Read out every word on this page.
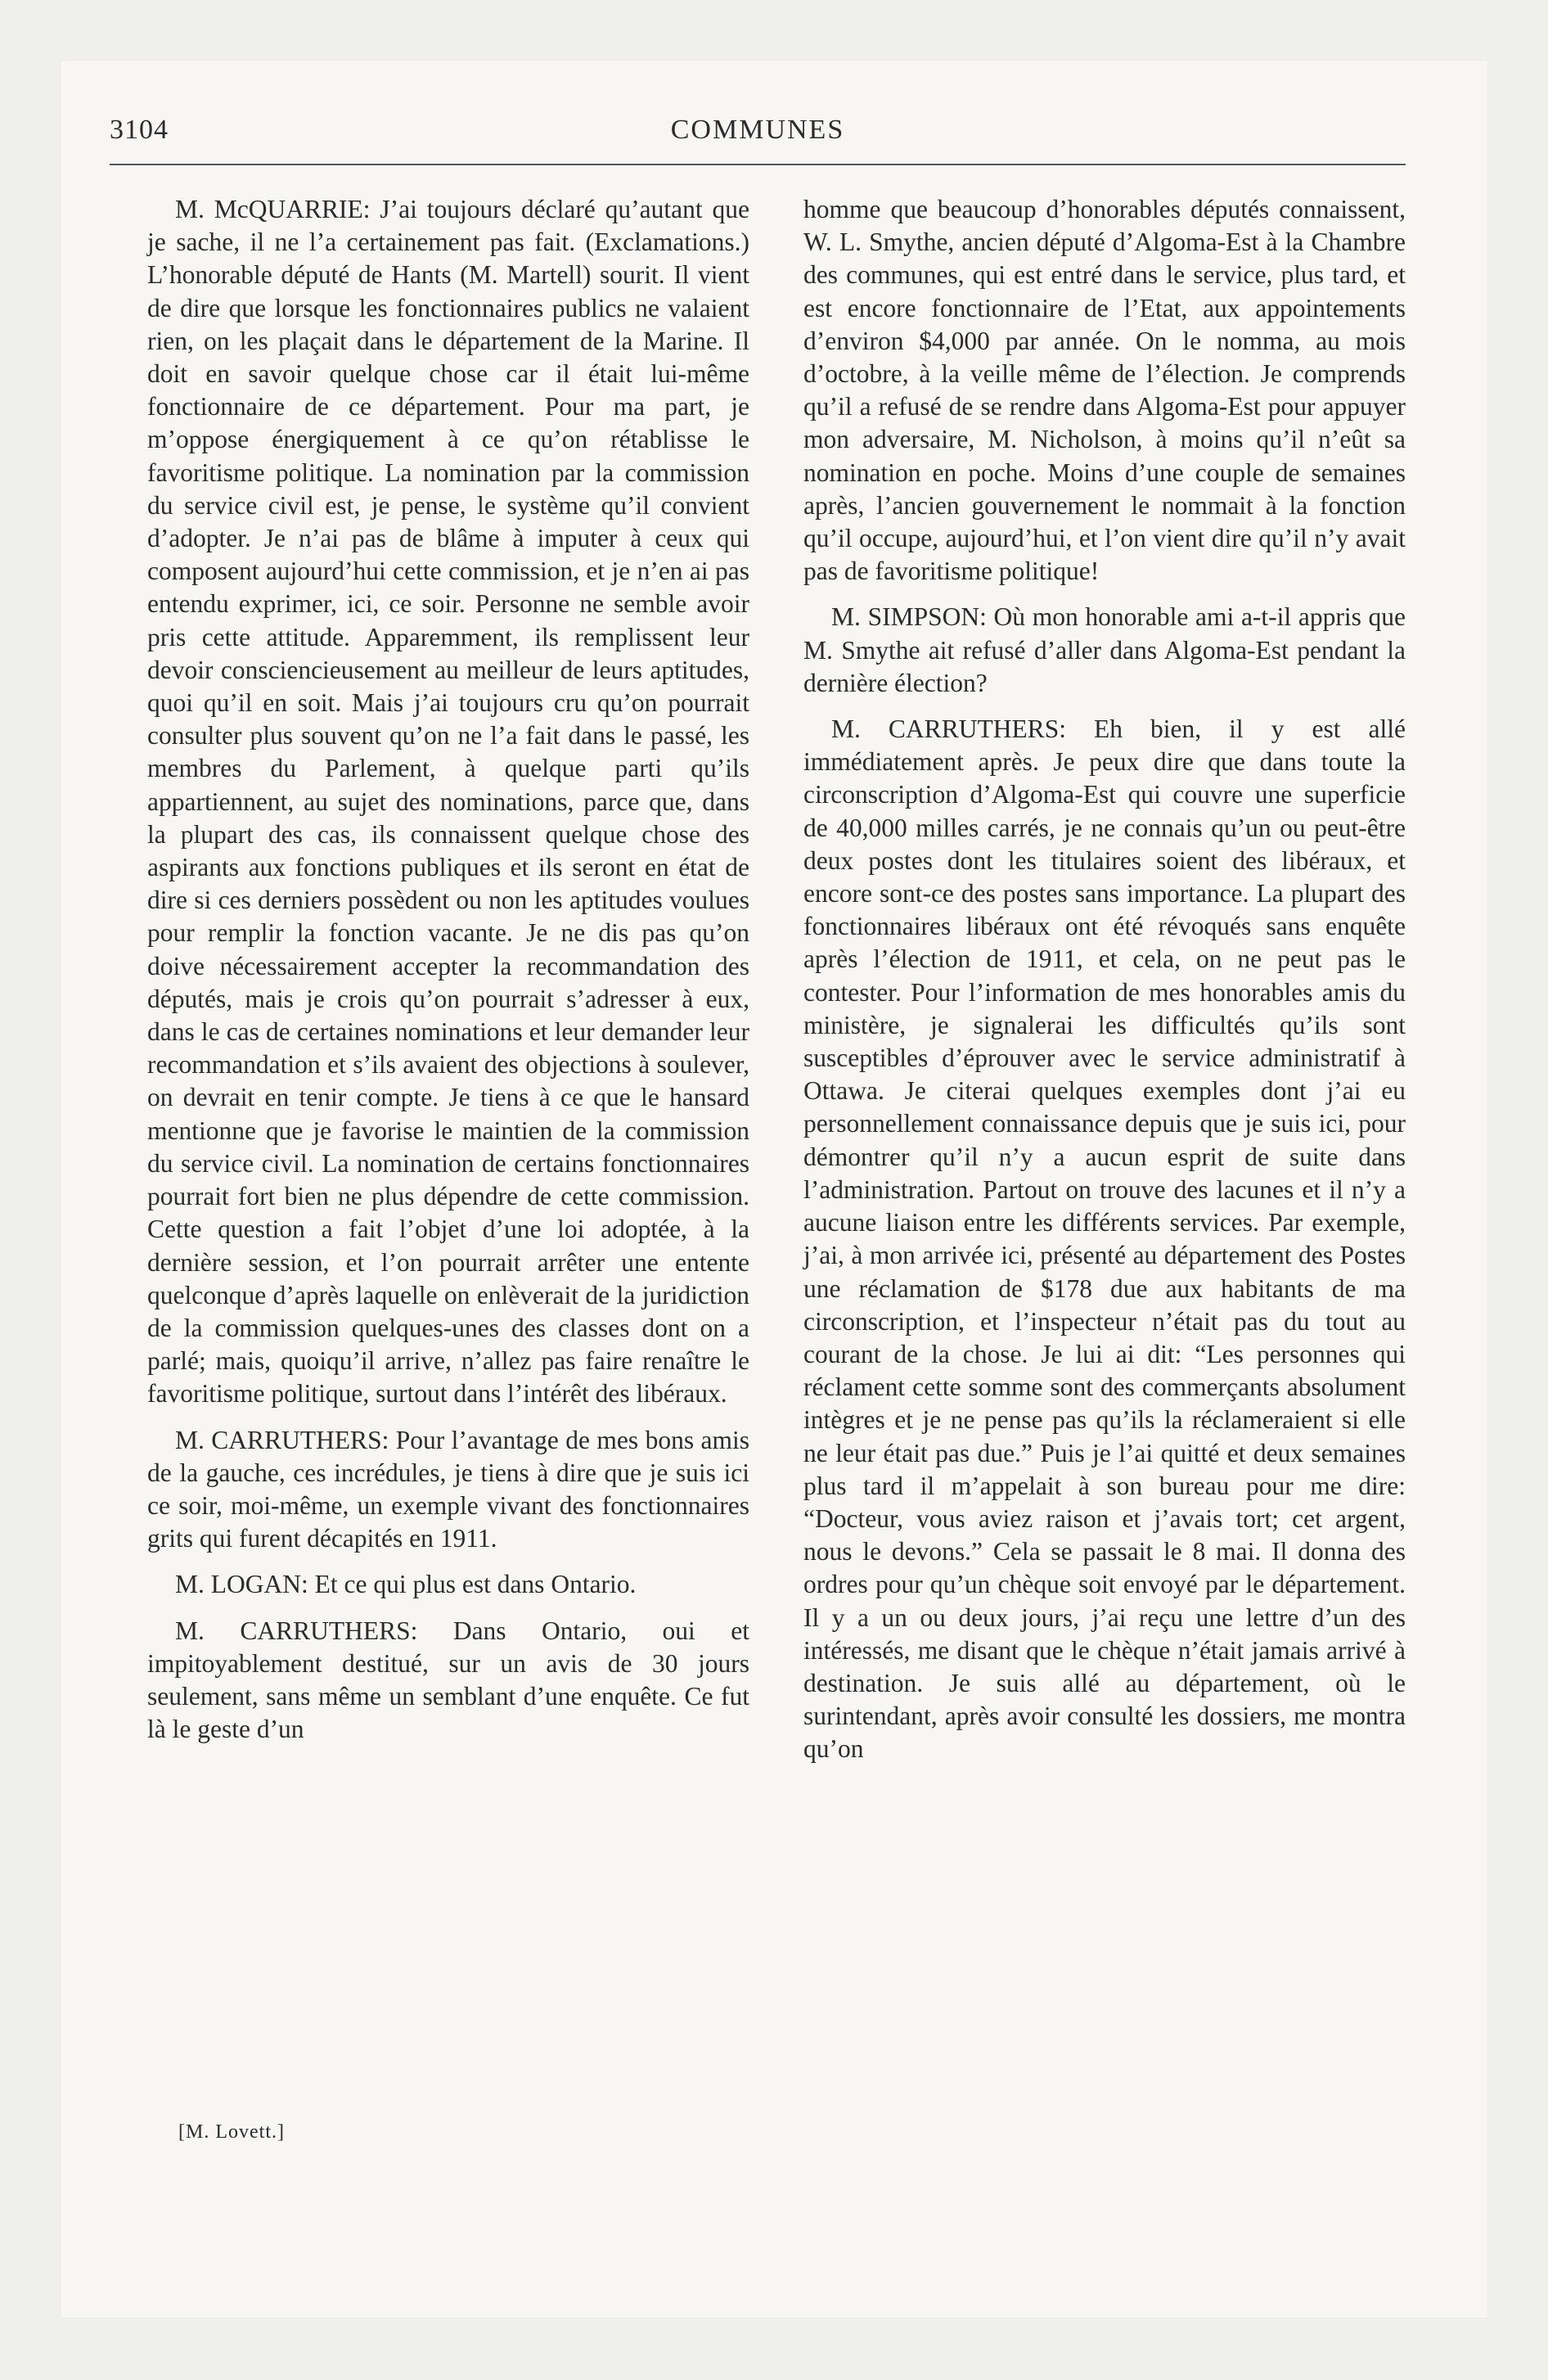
3104	COMMUNES

M. McQUARRIE: J’ai toujours déclaré qu’autant que je sache, il ne l’a certainement pas fait. (Exclamations.) L’honorable député de Hants (M. Martell) sourit. Il vient de dire que lorsque les fonctionnaires publics ne valaient rien, on les plaçait dans le département de la Marine. Il doit en savoir quelque chose car il était lui-même fonctionnaire de ce département. Pour ma part, je m’oppose énergiquement à ce qu’on rétablisse le favoritisme politique. La nomination par la commission du service civil est, je pense, le système qu’il convient d’adopter. Je n’ai pas de blâme à imputer à ceux qui composent aujourd’hui cette commission, et je n’en ai pas entendu exprimer, ici, ce soir. Personne ne semble avoir pris cette attitude. Apparemment, ils remplissent leur devoir consciencieusement au meilleur de leurs aptitudes, quoi qu’il en soit. Mais j’ai toujours cru qu’on pourrait consulter plus souvent qu’on ne l’a fait dans le passé, les membres du Parlement, à quelque parti qu’ils appartiennent, au sujet des nominations, parce que, dans la plupart des cas, ils connaissent quelque chose des aspirants aux fonctions publiques et ils seront en état de dire si ces derniers possèdent ou non les aptitudes voulues pour remplir la fonction vacante. Je ne dis pas qu’on doive nécessairement accepter la recommandation des députés, mais je crois qu’on pourrait s’adresser à eux, dans le cas de certaines nominations et leur demander leur recommandation et s’ils avaient des objections à soulever, on devrait en tenir compte. Je tiens à ce que le hansard mentionne que je favorise le maintien de la commission du service civil. La nomination de certains fonctionnaires pourrait fort bien ne plus dépendre de cette commission. Cette question a fait l’objet d’une loi adoptée, à la dernière session, et l’on pourrait arrêter une entente quelconque d’après laquelle on enlèverait de la juridiction de la commission quelques-unes des classes dont on a parlé; mais, quoiqu’il arrive, n’allez pas faire renaître le favoritisme politique, surtout dans l’intérêt des libéraux.

M. CARRUTHERS: Pour l’avantage de mes bons amis de la gauche, ces incrédules, je tiens à dire que je suis ici ce soir, moi-même, un exemple vivant des fonctionnaires grits qui furent décapités en 1911.

M. LOGAN: Et ce qui plus est dans Ontario.

M. CARRUTHERS: Dans Ontario, oui et impitoyablement destitué, sur un avis de 30 jours seulement, sans même un semblant d’une enquête. Ce fut là le geste d’un

homme que beaucoup d’honorables députés connaissent, W. L. Smythe, ancien député d’Algoma-Est à la Chambre des communes, qui est entré dans le service, plus tard, et est encore fonctionnaire de l’Etat, aux appointements d’environ $4,000 par année. On le nomma, au mois d’octobre, à la veille même de l’élection. Je comprends qu’il a refusé de se rendre dans Algoma-Est pour appuyer mon adversaire, M. Nicholson, à moins qu’il n’eût sa nomination en poche. Moins d’une couple de semaines après, l’ancien gouvernement le nommait à la fonction qu’il occupe, aujourd’hui, et l’on vient dire qu’il n’y avait pas de favoritisme politique!

M. SIMPSON: Où mon honorable ami a-t-il appris que M. Smythe ait refusé d’aller dans Algoma-Est pendant la dernière élection?

M. CARRUTHERS: Eh bien, il y est allé immédiatement après. Je peux dire que dans toute la circonscription d’Algoma-Est qui couvre une superficie de 40,000 milles carrés, je ne connais qu’un ou peut-être deux postes dont les titulaires soient des libéraux, et encore sont-ce des postes sans importance. La plupart des fonctionnaires libéraux ont été révoqués sans enquête après l’élection de 1911, et cela, on ne peut pas le contester. Pour l’information de mes honorables amis du ministère, je signalerai les difficultés qu’ils sont susceptibles d’éprouver avec le service administratif à Ottawa. Je citerai quelques exemples dont j’ai eu personnellement connaissance depuis que je suis ici, pour démontrer qu’il n’y a aucun esprit de suite dans l’administration. Partout on trouve des lacunes et il n’y a aucune liaison entre les différents services. Par exemple, j’ai, à mon arrivée ici, présenté au département des Postes une réclamation de $178 due aux habitants de ma circonscription, et l’inspecteur n’était pas du tout au courant de la chose. Je lui ai dit: “Les personnes qui réclament cette somme sont des commerçants absolument intègres et je ne pense pas qu’ils la réclameraient si elle ne leur était pas due.” Puis je l’ai quitté et deux semaines plus tard il m’appelait à son bureau pour me dire: “Docteur, vous aviez raison et j’avais tort; cet argent, nous le devons.” Cela se passait le 8 mai. Il donna des ordres pour qu’un chèque soit envoyé par le département. Il y a un ou deux jours, j’ai reçu une lettre d’un des intéressés, me disant que le chèque n’était jamais arrivé à destination. Je suis allé au département, où le surintendant, après avoir consulté les dossiers, me montra qu’on

[M. Lovett.]
